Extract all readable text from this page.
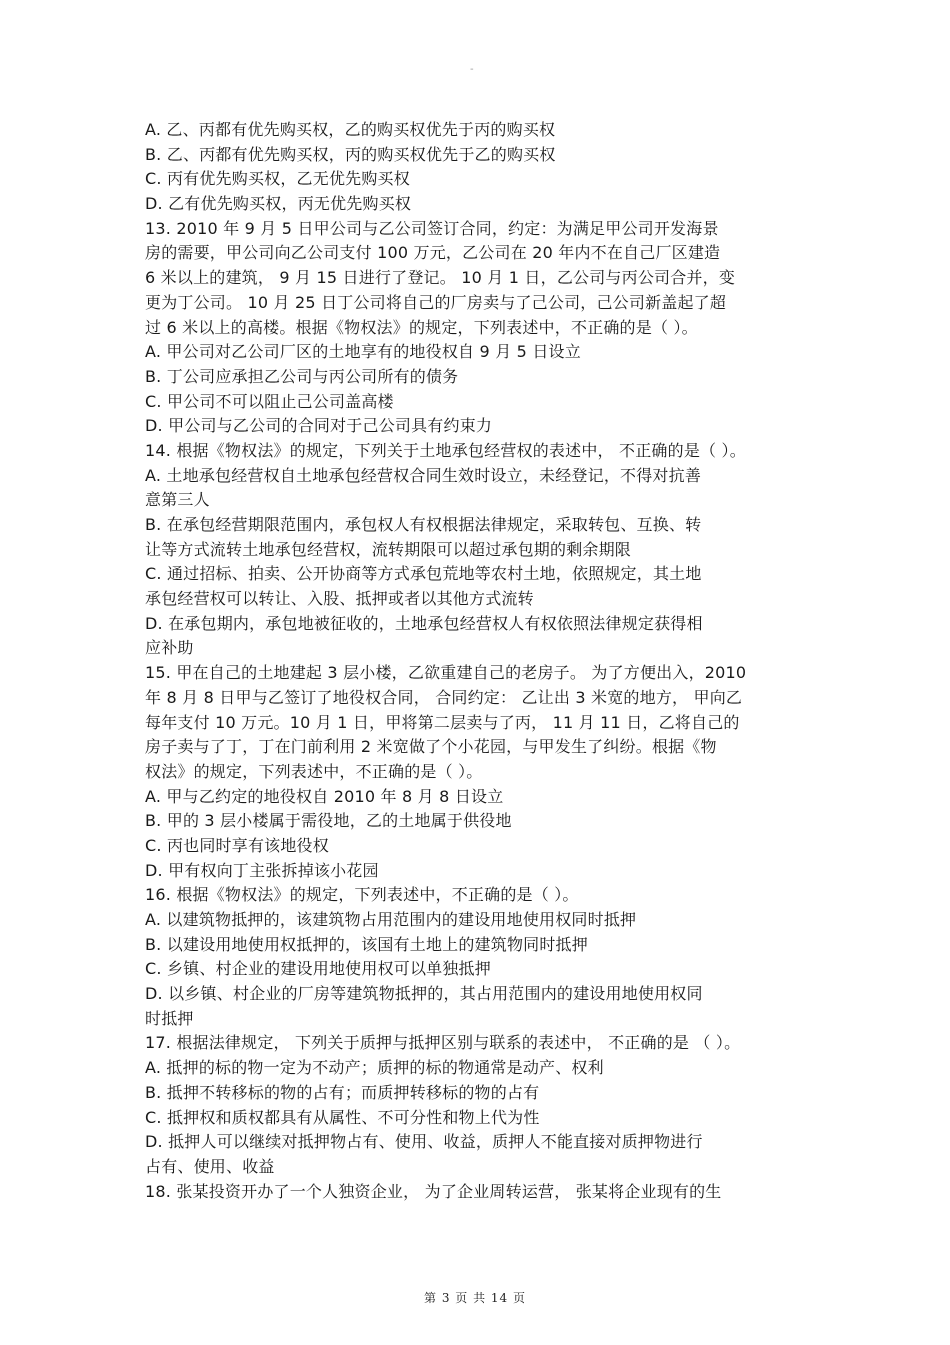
-
A. 乙、丙都有优先购买权，乙的购买权优先于丙的购买权
B. 乙、丙都有优先购买权，丙的购买权优先于乙的购买权
C. 丙有优先购买权，乙无优先购买权
D. 乙有优先购买权，丙无优先购买权
13. 2010 年 9 月 5 日甲公司与乙公司签订合同，约定：为满足甲公司开发海景
房的需要，甲公司向乙公司支付 100 万元，乙公司在 20 年内不在自己厂区建造
6 米以上的建筑， 9 月 15 日进行了登记。 10 月 1 日，乙公司与丙公司合并，变
更为丁公司。 10 月 25 日丁公司将自己的厂房卖与了己公司，己公司新盖起了超
过 6 米以上的高楼。根据《物权法》的规定，下列表述中，不正确的是（ ）。
A. 甲公司对乙公司厂区的土地享有的地役权自 9 月 5 日设立
B. 丁公司应承担乙公司与丙公司所有的债务
C. 甲公司不可以阻止己公司盖高楼
D. 甲公司与乙公司的合同对于己公司具有约束力
14. 根据《物权法》的规定，下列关于土地承包经营权的表述中， 不正确的是（ ）。
A. 土地承包经营权自土地承包经营权合同生效时设立，未经登记，不得对抗善
意第三人
B. 在承包经营期限范围内，承包权人有权根据法律规定，采取转包、互换、转
让等方式流转土地承包经营权，流转期限可以超过承包期的剩余期限
C. 通过招标、拍卖、公开协商等方式承包荒地等农村土地，依照规定，其土地
承包经营权可以转让、入股、抵押或者以其他方式流转
D. 在承包期内，承包地被征收的，土地承包经营权人有权依照法律规定获得相
应补助
15. 甲在自己的土地建起 3 层小楼，乙欲重建自己的老房子。 为了方便出入，2010
年 8 月 8 日甲与乙签订了地役权合同， 合同约定： 乙让出 3 米宽的地方， 甲向乙
每年支付 10 万元。10 月 1 日，甲将第二层卖与了丙， 11 月 11 日，乙将自己的
房子卖与了丁，丁在门前利用 2 米宽做了个小花园，与甲发生了纠纷。根据《物
权法》的规定，下列表述中，不正确的是（ ）。
A. 甲与乙约定的地役权自 2010 年 8 月 8 日设立
B. 甲的 3 层小楼属于需役地，乙的土地属于供役地
C. 丙也同时享有该地役权
D. 甲有权向丁主张拆掉该小花园
16. 根据《物权法》的规定，下列表述中，不正确的是（ ）。
A. 以建筑物抵押的，该建筑物占用范围内的建设用地使用权同时抵押
B. 以建设用地使用权抵押的，该国有土地上的建筑物同时抵押
C. 乡镇、村企业的建设用地使用权可以单独抵押
D. 以乡镇、村企业的厂房等建筑物抵押的，其占用范围内的建设用地使用权同
时抵押
17. 根据法律规定， 下列关于质押与抵押区别与联系的表述中， 不正确的是 （ ）。
A. 抵押的标的物一定为不动产；质押的标的物通常是动产、权利
B. 抵押不转移标的物的占有；而质押转移标的物的占有
C. 抵押权和质权都具有从属性、不可分性和物上代为性
D. 抵押人可以继续对抵押物占有、使用、收益，质押人不能直接对质押物进行
占有、使用、收益
18. 张某投资开办了一个人独资企业， 为了企业周转运营， 张某将企业现有的生
第 3 页 共 14 页
